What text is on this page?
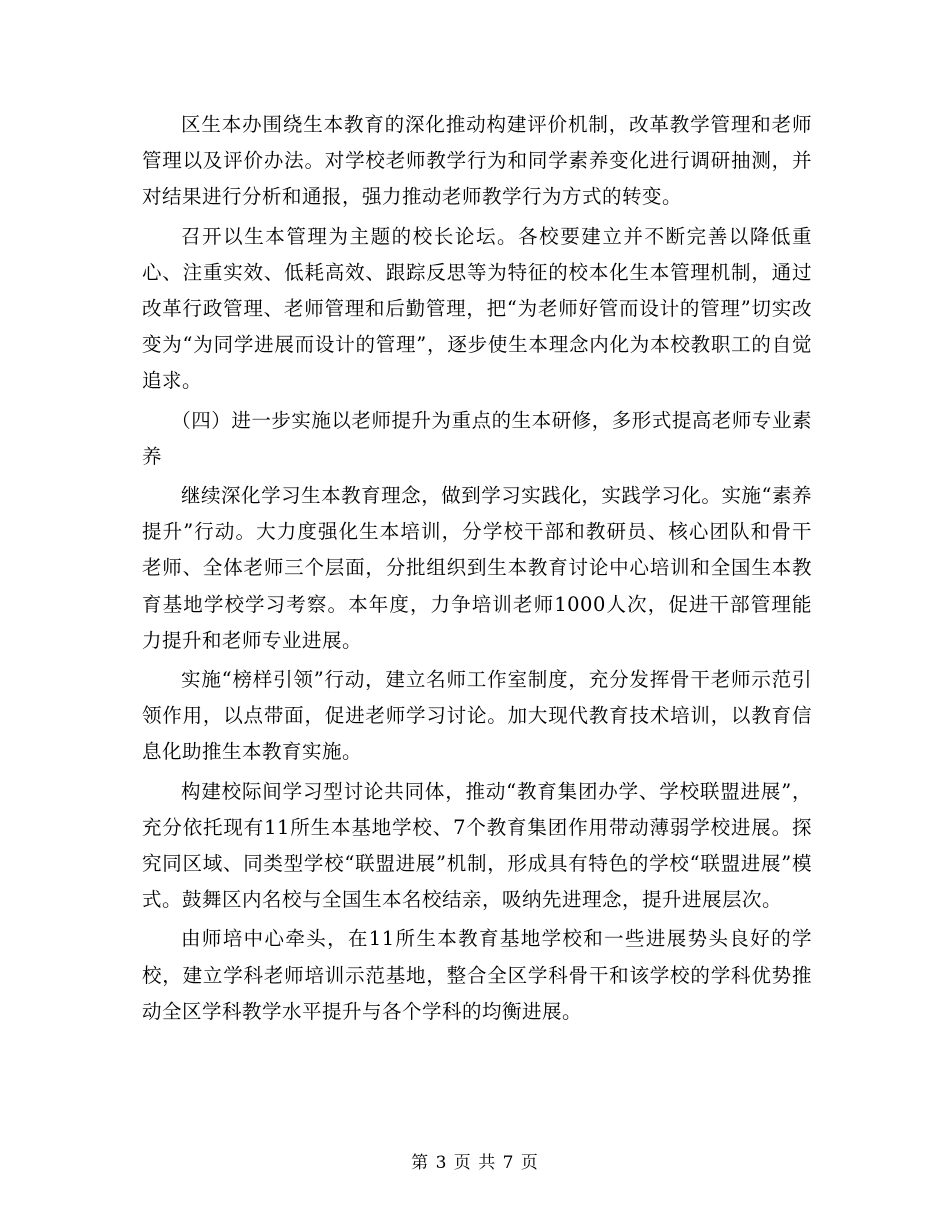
区生本办围绕生本教育的深化推动构建评价机制，改革教学管理和老师管理以及评价办法。对学校老师教学行为和同学素养变化进行调研抽测，并对结果进行分析和通报，强力推动老师教学行为方式的转变。

召开以生本管理为主题的校长论坛。各校要建立并不断完善以降低重心、注重实效、低耗高效、跟踪反思等为特征的校本化生本管理机制，通过改革行政管理、老师管理和后勤管理，把“为老师好管而设计的管理”切实改变为“为同学进展而设计的管理”，逐步使生本理念内化为本校教职工的自觉追求。

（四）进一步实施以老师提升为重点的生本研修，多形式提高老师专业素养

继续深化学习生本教育理念，做到学习实践化，实践学习化。实施“素养提升”行动。大力度强化生本培训，分学校干部和教研员、核心团队和骨干老师、全体老师三个层面，分批组织到生本教育讨论中心培训和全国生本教育基地学校学习考察。本年度，力争培训老师1000人次，促进干部管理能力提升和老师专业进展。

实施“榜样引领”行动，建立名师工作室制度，充分发挥骨干老师示范引领作用，以点带面，促进老师学习讨论。加大现代教育技术培训，以教育信息化助推生本教育实施。

构建校际间学习型讨论共同体，推动“教育集团办学、学校联盟进展”，充分依托现有11所生本基地学校、7个教育集团作用带动薄弱学校进展。探究同区域、同类型学校“联盟进展”机制，形成具有特色的学校“联盟进展”模式。鼓舞区内名校与全国生本名校结亲，吸纳先进理念，提升进展层次。

由师培中心牵头，在11所生本教育基地学校和一些进展势头良好的学校，建立学科老师培训示范基地，整合全区学科骨干和该学校的学科优势推动全区学科教学水平提升与各个学科的均衡进展。

第 3 页 共 7 页
